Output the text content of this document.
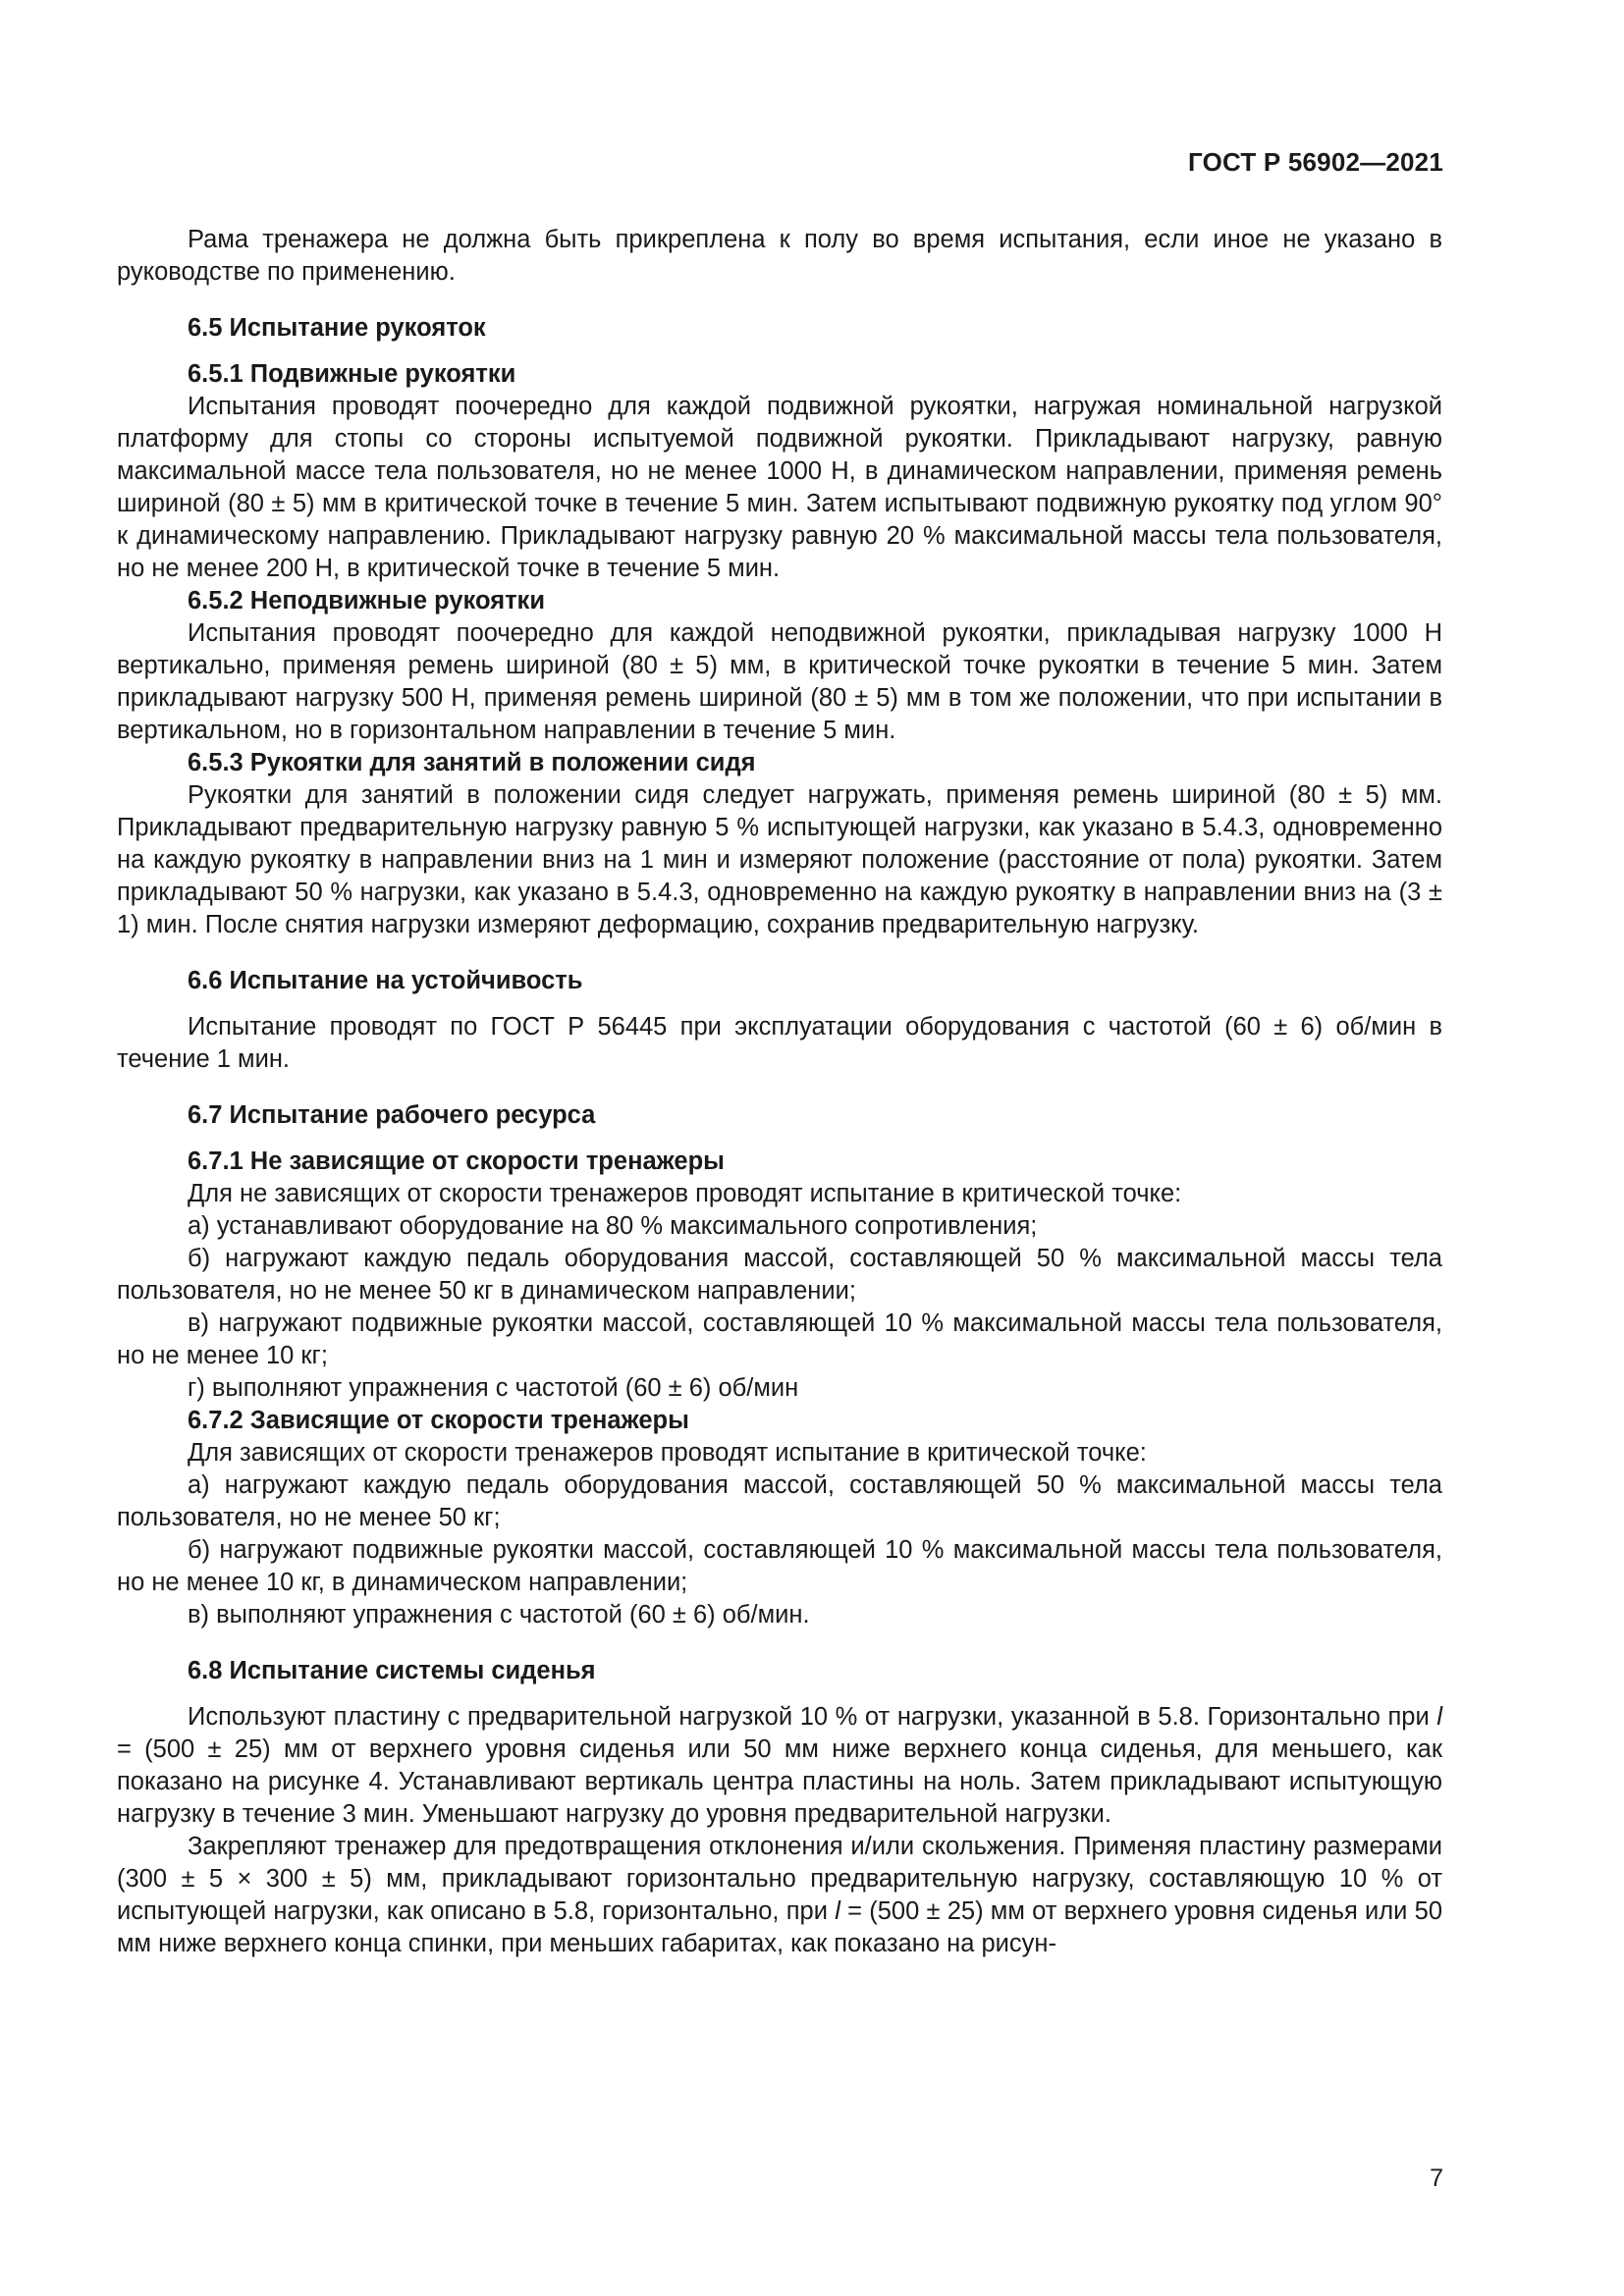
ГОСТ Р 56902—2021

Рама тренажера не должна быть прикреплена к полу во время испытания, если иное не указано в руководстве по применению.

6.5 Испытание рукояток
6.5.1 Подвижные рукоятки

Испытания проводят поочередно для каждой подвижной рукоятки, нагружая номинальной нагрузкой платформу для стопы со стороны испытуемой подвижной рукоятки. Прикладывают нагрузку, равную максимальной массе тела пользователя, но не менее 1000 Н, в динамическом направлении, применяя ремень шириной (80 ± 5) мм в критической точке в течение 5 мин. Затем испытывают подвижную рукоятку под углом 90° к динамическому направлению. Прикладывают нагрузку равную 20 % максимальной массы тела пользователя, но не менее 200 Н, в критической точке в течение 5 мин.

6.5.2 Неподвижные рукоятки

Испытания проводят поочередно для каждой неподвижной рукоятки, прикладывая нагрузку 1000 Н вертикально, применяя ремень шириной (80 ± 5) мм, в критической точке рукоятки в течение 5 мин. Затем прикладывают нагрузку 500 Н, применяя ремень шириной (80 ± 5) мм в том же положении, что при испытании в вертикальном, но в горизонтальном направлении в течение 5 мин.

6.5.3 Рукоятки для занятий в положении сидя

Рукоятки для занятий в положении сидя следует нагружать, применяя ремень шириной (80 ± 5) мм. Прикладывают предварительную нагрузку равную 5 % испытующей нагрузки, как указано в 5.4.3, одновременно на каждую рукоятку в направлении вниз на 1 мин и измеряют положение (расстояние от пола) рукоятки. Затем прикладывают 50 % нагрузки, как указано в 5.4.3, одновременно на каждую рукоятку в направлении вниз на (3 ± 1) мин. После снятия нагрузки измеряют деформацию, сохранив предварительную нагрузку.

6.6 Испытание на устойчивость

Испытание проводят по ГОСТ Р 56445 при эксплуатации оборудования с частотой (60 ± 6) об/мин в течение 1 мин.

6.7 Испытание рабочего ресурса
6.7.1 Не зависящие от скорости тренажеры

Для не зависящих от скорости тренажеров проводят испытание в критической точке:

а) устанавливают оборудование на 80 % максимального сопротивления;

б) нагружают каждую педаль оборудования массой, составляющей 50 % максимальной массы тела пользователя, но не менее 50 кг в динамическом направлении;

в) нагружают подвижные рукоятки массой, составляющей 10 % максимальной массы тела пользователя, но не менее 10 кг;

г) выполняют упражнения с частотой (60 ± 6) об/мин

6.7.2 Зависящие от скорости тренажеры

Для зависящих от скорости тренажеров проводят испытание в критической точке:

а) нагружают каждую педаль оборудования массой, составляющей 50 % максимальной массы тела пользователя, но не менее 50 кг;

б) нагружают подвижные рукоятки массой, составляющей 10 % максимальной массы тела пользователя, но не менее 10 кг, в динамическом направлении;

в) выполняют упражнения с частотой (60 ± 6) об/мин.

6.8 Испытание системы сиденья

Используют пластину с предварительной нагрузкой 10 % от нагрузки, указанной в 5.8. Горизонтально при l = (500 ± 25) мм от верхнего уровня сиденья или 50 мм ниже верхнего конца сиденья, для меньшего, как показано на рисунке 4. Устанавливают вертикаль центра пластины на ноль. Затем прикладывают испытующую нагрузку в течение 3 мин. Уменьшают нагрузку до уровня предварительной нагрузки.

Закрепляют тренажер для предотвращения отклонения и/или скольжения. Применяя пластину размерами (300 ± 5 × 300 ± 5) мм, прикладывают горизонтально предварительную нагрузку, составляющую 10 % от испытующей нагрузки, как описано в 5.8, горизонтально, при l = (500 ± 25) мм от верхнего уровня сиденья или 50 мм ниже верхнего конца спинки, при меньших габаритах, как показано на рисун-

7
